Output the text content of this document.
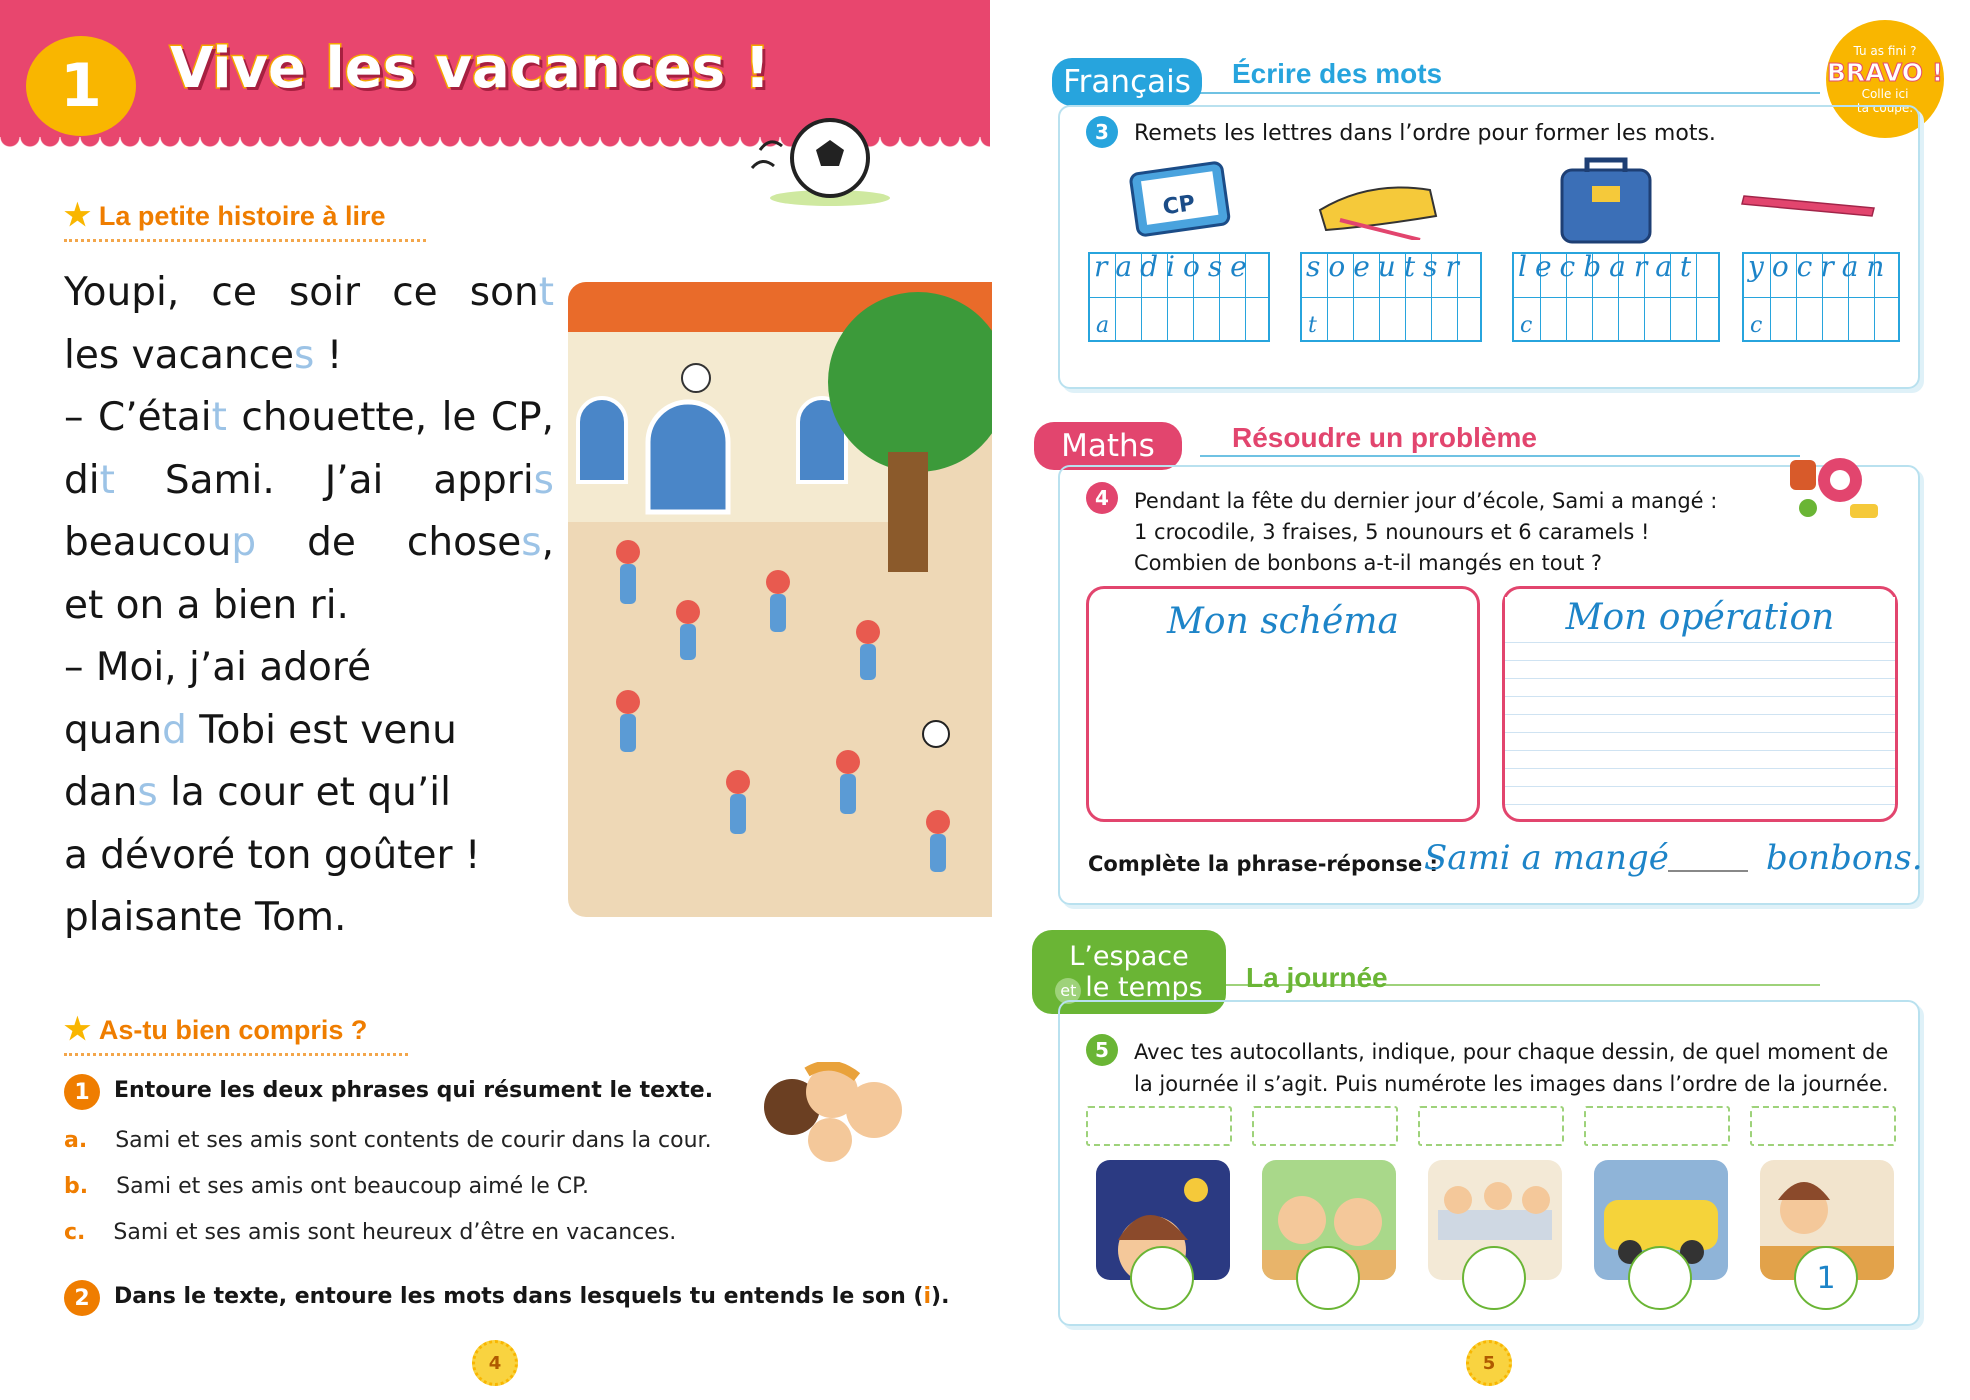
1	Vive les vacances !
★ La petite histoire à lire

Youpi, ce soir ce sont

les vacances !

– C’était chouette, le CP,

dit Sami. J’ai appris

beaucoup de choses,

et on a bien ri.

– Moi, j’ai adoré

quand Tobi est venu

dans la cour et qu’il

a dévoré ton goûter !

plaisante Tom.

★ As-tu bien compris ?
1	Entoure les deux phrases qui résument le texte.
a. Sami et ses amis sont contents de courir dans la cour.
b. Sami et ses amis ont beaucoup aimé le CP.
c. Sami et ses amis sont heureux d’être en vacances.
2	Dans le texte, entoure les mots dans lesquels tu entends le son (i).
4
Tu as fini ?
BRAVO !
Colle ici
ta coupe.
Français	Écrire des mots
3	Remets les lettres dans l’ordre pour former les mots.
CP
radiose
a
soeutsr
t
lecbarat
c
yocran
c
Maths	Résoudre un problème
4	Pendant la fête du dernier jour d’école, Sami a mangé :
1 crocodile, 3 fraises, 5 nounours et 6 caramels !
Combien de bonbons a-t-il mangés en tout ?
Mon schéma	Mon opération
Complète la phrase-réponse :
Sami a mangé	bonbons.
L’espace
et le temps La journée
5	Avec tes autocollants, indique, pour chaque dessin, de quel moment de
la journée il s’agit. Puis numérote les images dans l’ordre de la journée.
1
5
